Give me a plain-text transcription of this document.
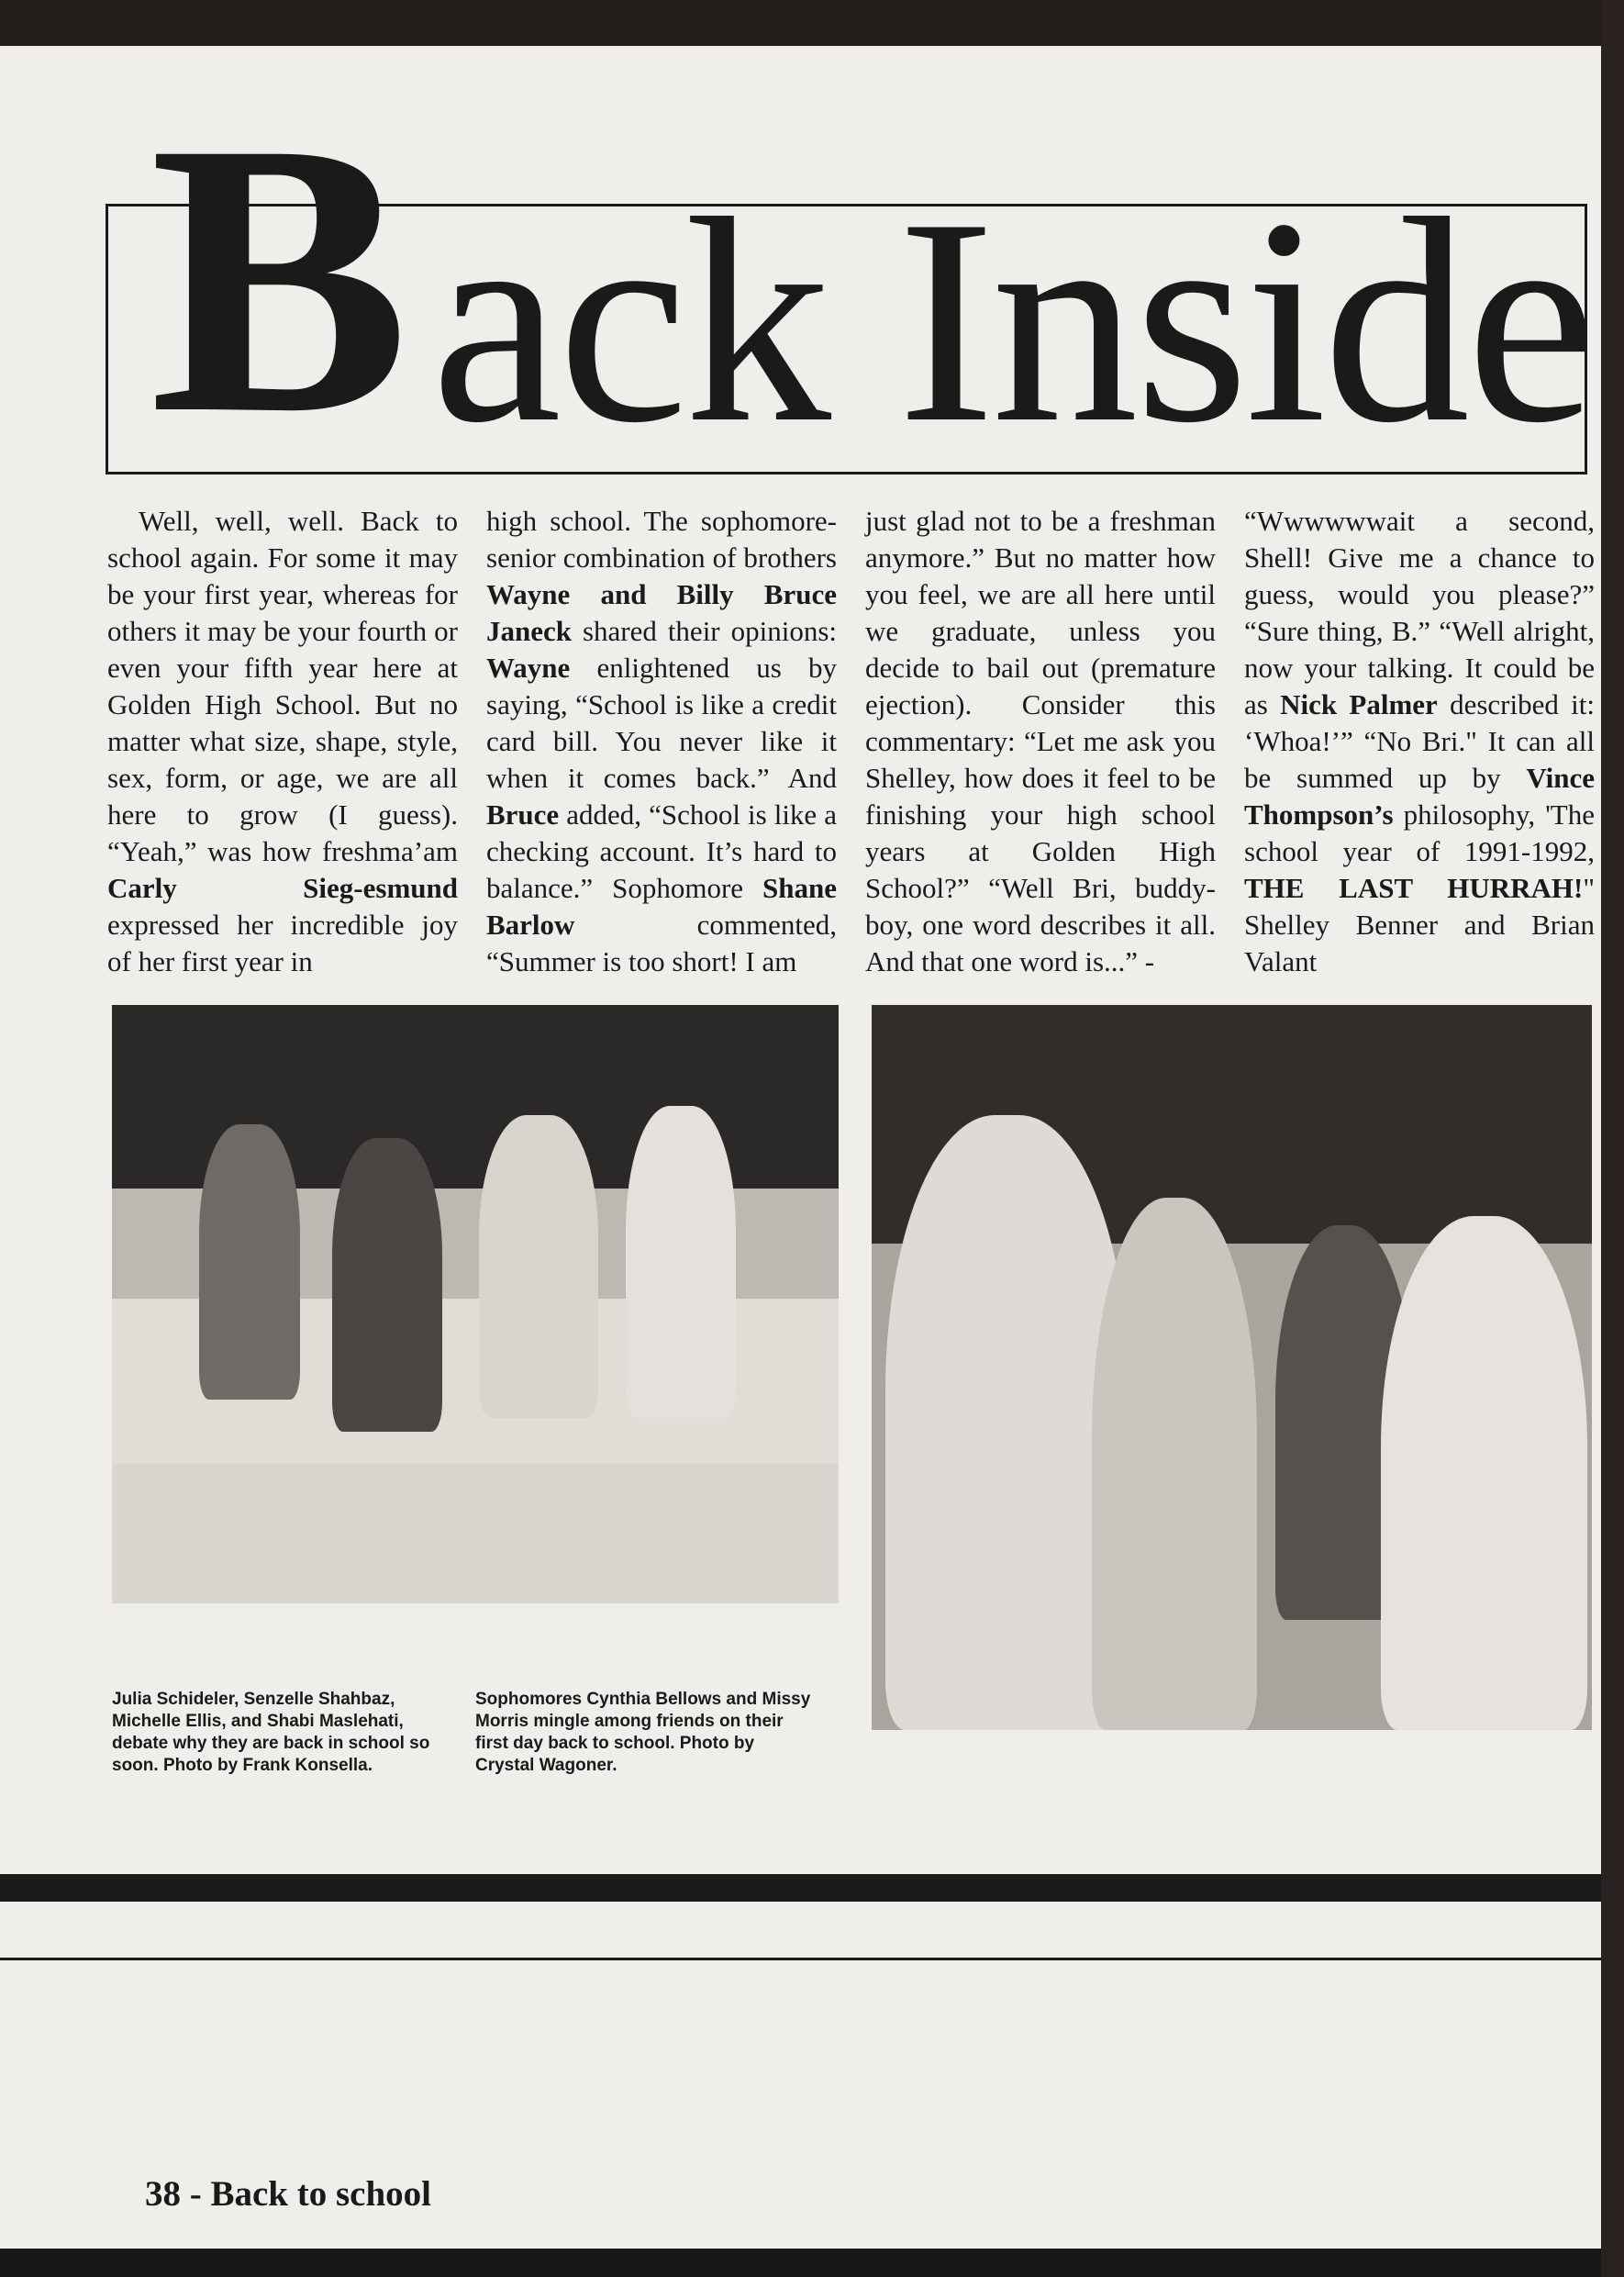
B ack Inside

Well, well, well. Back to school again. For some it may be your first year, whereas for others it may be your fourth or even your fifth year here at Golden High School. But no matter what size, shape, style, sex, form, or age, we are all here to grow (I guess). “Yeah,” was how freshma’am Carly Sieg-esmund expressed her incredible joy of her first year in

high school. The sophomore-senior combination of brothers Wayne and Billy Bruce Janeck shared their opinions: Wayne enlightened us by saying, “School is like a credit card bill. You never like it when it comes back.” And Bruce added, “School is like a checking account. It’s hard to balance.” Sophomore Shane Barlow commented, “Summer is too short! I am

just glad not to be a freshman anymore.” But no matter how you feel, we are all here until we graduate, unless you decide to bail out (premature ejection). Consider this commentary: “Let me ask you Shelley, how does it feel to be finishing your high school years at Golden High School?” “Well Bri, buddy-boy, one word describes it all. And that one word is...” -

“Wwwwwwait a second, Shell! Give me a chance to guess, would you please?” “Sure thing, B.” “Well alright, now your talking. It could be as Nick Palmer described it: ‘Whoa!’” “No Bri." It can all be summed up by Vince Thompson’s philosophy, 'The school year of 1991-1992, THE LAST HURRAH!" Shelley Benner and Brian Valant

Julia Schideler, Senzelle Shahbaz, Michelle Ellis, and Shabi Maslehati, debate why they are back in school so soon. Photo by Frank Konsella.
Sophomores Cynthia Bellows and Missy Morris mingle among friends on their first day back to school. Photo by Crystal Wagoner.
38 - Back to school
